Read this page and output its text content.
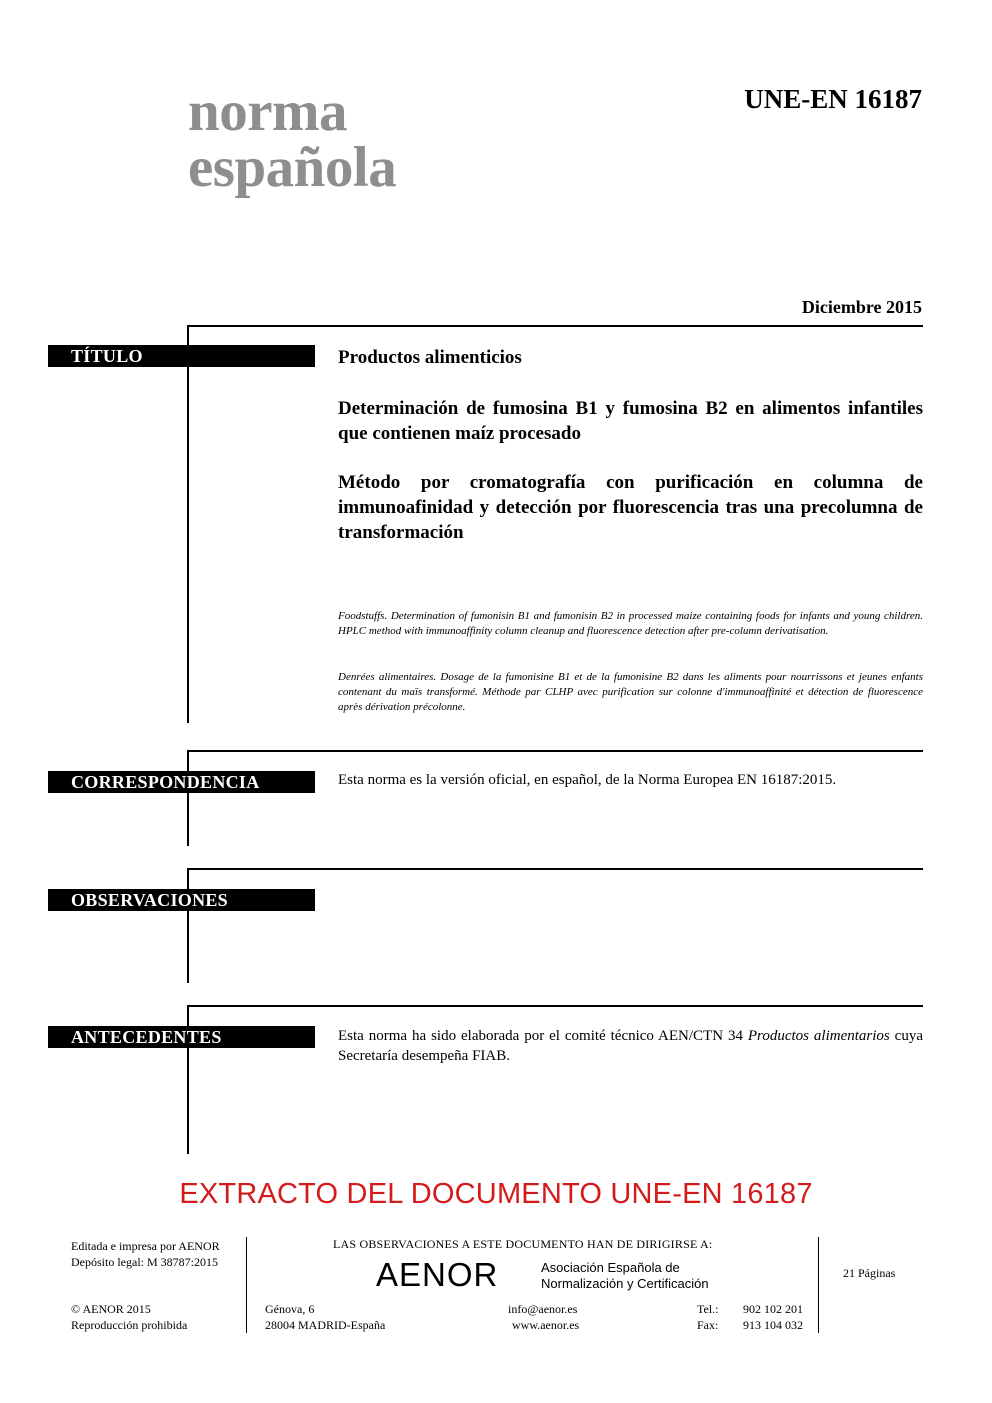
norma
española
UNE-EN 16187
Diciembre 2015
TÍTULO	Productos alimenticios

Determinación de fumosina B1 y fumosina B2 en alimentos infantiles que contienen maíz procesado

Método por cromatografía con purificación en columna de immunoafinidad y detección por fluorescencia tras una precolumna de transformación

Foodstuffs. Determination of fumonisin B1 and fumonisin B2 in processed maize containing foods for infants and young children. HPLC method with immunoaffinity column cleanup and fluorescence detection after pre-column derivatisation.
Denrées alimentaires. Dosage de la fumonisine B1 et de la fumonisine B2 dans les aliments pour nourrissons et jeunes enfants contenant du maïs transformé. Méthode par CLHP avec purification sur colonne d'immunoaffinité et détection de fluorescence après dérivation précolonne.
CORRESPONDENCIA	Esta norma es la versión oficial, en español, de la Norma Europea EN 16187:2015.
OBSERVACIONES
ANTECEDENTES	Esta norma ha sido elaborada por el comité técnico AEN/CTN 34 Productos alimentarios cuya Secretaría desempeña FIAB.
EXTRACTO DEL DOCUMENTO UNE-EN 16187
Editada e impresa por AENOR
Depósito legal: M 38787:2015
© AENOR 2015
Reproducción prohibida
LAS OBSERVACIONES A ESTE DOCUMENTO HAN DE DIRIGIRSE A:
AENOR	Asociación Española de
Normalización y Certificación
Génova, 6
28004 MADRID-España
info@aenor.es
www.aenor.es
Tel.: 902 102 201
Fax: 913 104 032
21 Páginas
